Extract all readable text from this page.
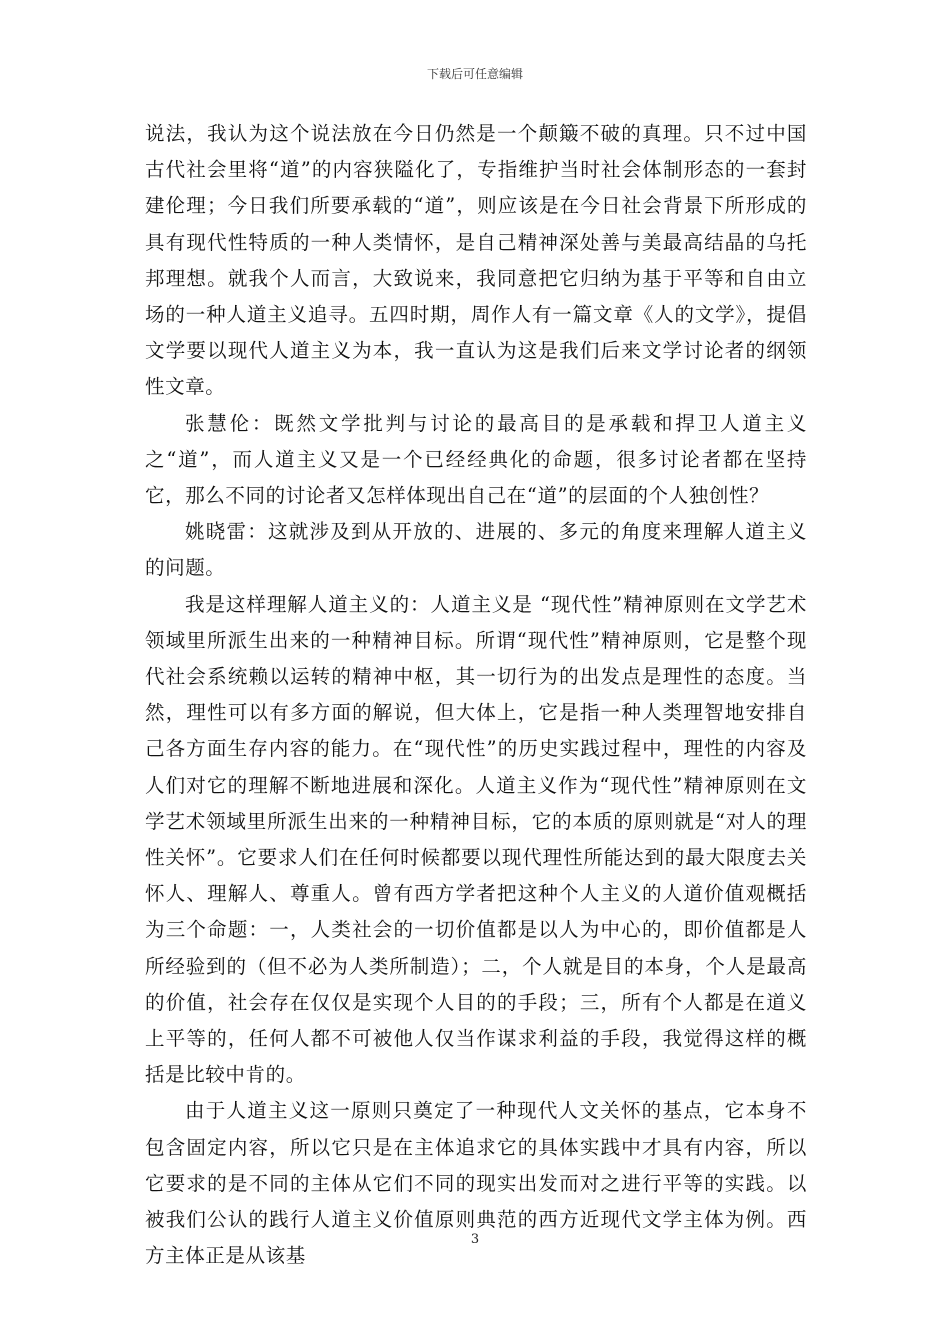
下载后可任意编辑

说法，我认为这个说法放在今日仍然是一个颠簸不破的真理。只不过中国古代社会里将“道”的内容狭隘化了，专指维护当时社会体制形态的一套封建伦理；今日我们所要承载的“道”，则应该是在今日社会背景下所形成的具有现代性特质的一种人类情怀，是自己精神深处善与美最高结晶的乌托邦理想。就我个人而言，大致说来，我同意把它归纳为基于平等和自由立场的一种人道主义追寻。五四时期，周作人有一篇文章《人的文学》，提倡文学要以现代人道主义为本，我一直认为这是我们后来文学讨论者的纲领性文章。

张慧伦：既然文学批判与讨论的最高目的是承载和捍卫人道主义之“道”，而人道主义又是一个已经经典化的命题，很多讨论者都在坚持它，那么不同的讨论者又怎样体现出自己在“道”的层面的个人独创性？

姚晓雷：这就涉及到从开放的、进展的、多元的角度来理解人道主义的问题。

我是这样理解人道主义的：人道主义是 “现代性”精神原则在文学艺术领域里所派生出来的一种精神目标。所谓“现代性”精神原则，它是整个现代社会系统赖以运转的精神中枢，其一切行为的出发点是理性的态度。当然，理性可以有多方面的解说，但大体上，它是指一种人类理智地安排自己各方面生存内容的能力。在“现代性”的历史实践过程中，理性的内容及人们对它的理解不断地进展和深化。人道主义作为“现代性”精神原则在文学艺术领域里所派生出来的一种精神目标，它的本质的原则就是“对人的理性关怀”。它要求人们在任何时候都要以现代理性所能达到的最大限度去关怀人、理解人、尊重人。曾有西方学者把这种个人主义的人道价值观概括为三个命题：一，人类社会的一切价值都是以人为中心的，即价值都是人所经验到的（但不必为人类所制造）；二，个人就是目的本身，个人是最高的价值，社会存在仅仅是实现个人目的的手段；三，所有个人都是在道义上平等的，任何人都不可被他人仅当作谋求利益的手段，我觉得这样的概括是比较中肯的。

由于人道主义这一原则只奠定了一种现代人文关怀的基点，它本身不包含固定内容，所以它只是在主体追求它的具体实践中才具有内容，所以它要求的是不同的主体从它们不同的现实出发而对之进行平等的实践。以被我们公认的践行人道主义价值原则典范的西方近现代文学主体为例。西方主体正是从该基

3
